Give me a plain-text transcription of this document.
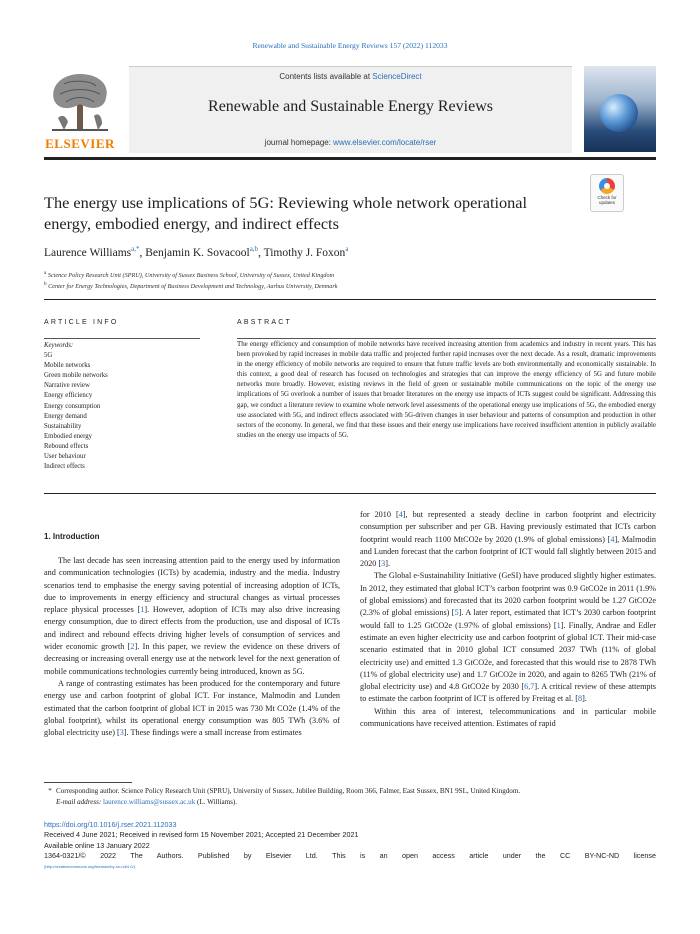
Renewable and Sustainable Energy Reviews 157 (2022) 112033
ELSEVIER
Contents lists available at ScienceDirect
Renewable and Sustainable Energy Reviews
journal homepage: www.elsevier.com/locate/rser
The energy use implications of 5G: Reviewing whole network operational energy, embodied energy, and indirect effects
Check for
updates
Laurence Williams$^{a,*}$, Benjamin K. Sovacool$^{a,b}$, Timothy J. Foxon$^a$
$^a$ Science Policy Research Unit (SPRU), University of Sussex Business School, University of Sussex, United Kingdom
$^b$ Center for Energy Technologies, Department of Business Development and Technology, Aarhus University, Denmark
ARTICLE INFO	ABSTRACT
Keywords:
5G
Mobile networks
Green mobile networks
Narrative review
Energy efficiency
Energy consumption
Energy demand
Sustainability
Embodied energy
Rebound effects
User behaviour
Indirect effects
The energy efficiency and consumption of mobile networks have received increasing attention from academics and industry in recent years. This has been provoked by rapid increases in mobile data traffic and projected further rapid increases over the next decade. As a result, dramatic improvements in the energy efficiency of mobile networks are required to ensure that future traffic levels are both environmentally and economically sustainable. In this context, a good deal of research has focused on technologies and strategies that can improve the energy efficiency of 5G and future mobile networks more broadly. However, existing reviews in the field of green or sustainable mobile communications on the topic of the energy use implications of 5G overlook a number of issues that broader literatures on the energy use impacts of ICTs suggest could be significant. Addressing this gap, we conduct a literature review to examine whole network level assessments of the operational energy use implications of 5G, the embodied energy use associated with 5G, and indirect effects associated with 5G-driven changes in user behaviour and patterns of consumption and production in other sectors of the economy. In general, we find that these issues and their energy use implications have received insufficient attention in publicly available studies on the energy use impacts of 5G.
1. Introduction

The last decade has seen increasing attention paid to the energy used by information and communication technologies (ICTs) by academia, industry and the media. Industry scenarios tend to emphasise the energy saving potential of increasing adoption of ICTs, due to improvements in energy efficiency and structural changes as virtual processes replace physical processes [1]. However, adoption of ICTs may also drive increasing energy consumption, due to direct effects from the production, use and disposal of ICTs and indirect and rebound effects driving higher levels of consumption of services and wider economic growth [2]. In this paper, we review the evidence on these drivers of decreasing or increasing overall energy use at the network level for the next generation of mobile communications technologies currently being introduced, known as 5G.

A range of contrasting estimates has been produced for the contemporary and future energy use and carbon footprint of global ICT. For instance, Malmodin and Lunden estimated that the carbon footprint of global ICT in 2015 was 730 Mt CO2e (1.4% of the global footprint), whilst its operational energy consumption was 805 TWh (3.6% of global electricity use) [3]. These findings were a small increase from estimates

for 2010 [4], but represented a steady decline in carbon footprint and electricity consumption per subscriber and per GB. Having previously estimated that ICTs carbon footprint would reach 1100 MtCO2e by 2020 (1.9% of global emissions) [4], Malmodin and Lunden forecast that the carbon footprint of ICT would fall slightly between 2015 and 2020 [3].

The Global e-Sustainability Initiative (GeSI) have produced slightly higher estimates. In 2012, they estimated that global ICT’s carbon footprint was 0.9 GtCO2e in 2011 (1.9% of global emissions) and forecasted that its 2020 carbon footprint would be 1.27 GtCO2e (2.3% of global emissions) [5]. A later report, estimated that ICT’s 2030 carbon footprint would fall to 1.25 GtCO2e (1.97% of global emissions) [1]. Finally, Andrae and Edler estimate an even higher electricity use and carbon footprint of global ICT. Their mid-case scenario estimated that in 2010 global ICT consumed 2037 TWh (11% of global electricity use) and emitted 1.3 GtCO2e, and forecasted that this would rise to 2878 TWh (11% of global electricity use) and 1.7 GtCO2e in 2020, and again to 8265 TWh (21% of global electricity use) and 4.8 GtCO2e by 2030 [6,7]. A critical review of these attempts to estimate the carbon footprint of ICT is offered by Freitag et al. [8].

Within this area of interest, telecommunications and in particular mobile communications have received attention. Estimates of rapid

* Corresponding author. Science Policy Research Unit (SPRU), University of Sussex, Jubilee Building, Room 366, Falmer, East Sussex, BN1 9SL, United Kingdom.
E-mail address: laurence.williams@sussex.ac.uk (L. Williams).
https://doi.org/10.1016/j.rser.2021.112033
Received 4 June 2021; Received in revised form 15 November 2021; Accepted 21 December 2021
Available online 13 January 2022
1364-0321/© 2022 The Authors. Published by Elsevier Ltd. This is an open access article under the CC BY-NC-ND license
(http://creativecommons.org/licenses/by-nc-nd/4.0/).
